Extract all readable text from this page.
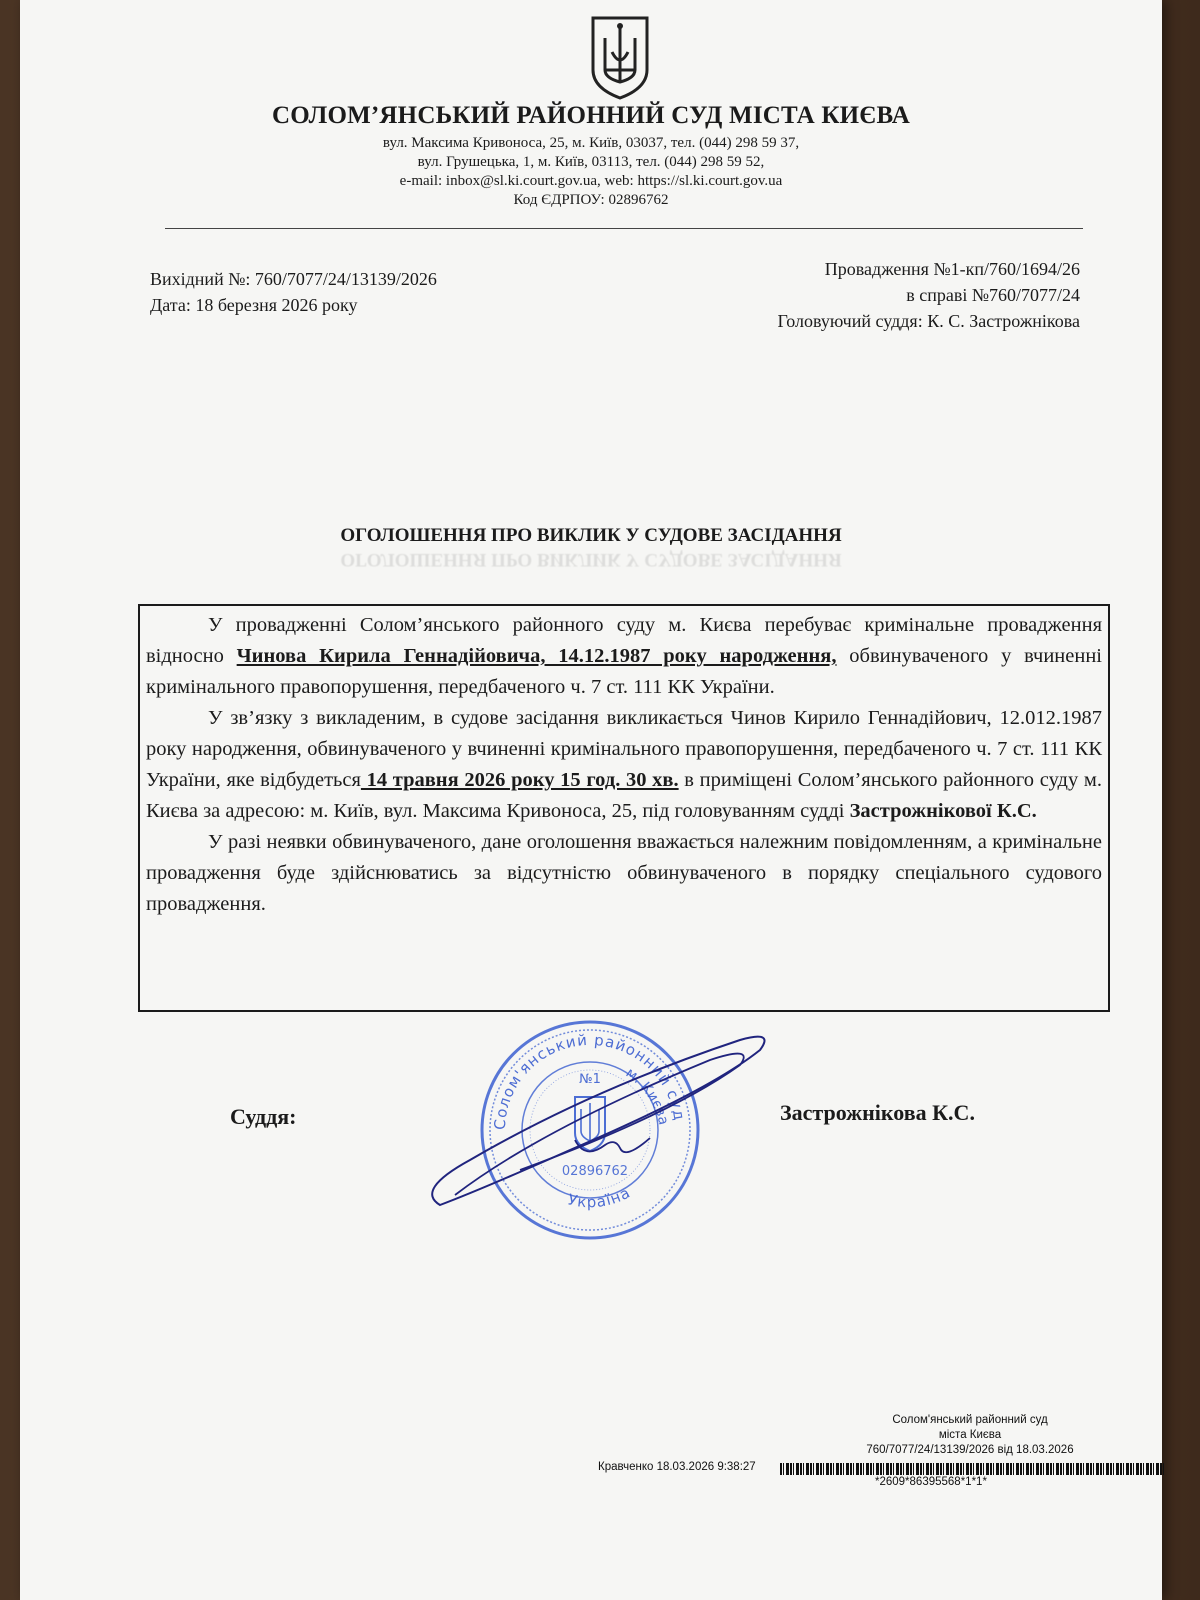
СОЛОМ’ЯНСЬКИЙ РАЙОННИЙ СУД МІСТА КИЄВА
вул. Максима Кривоноса, 25, м. Київ, 03037, тел. (044) 298 59 37,
вул. Грушецька, 1, м. Київ, 03113, тел. (044) 298 59 52,
e-mail: inbox@sl.ki.court.gov.ua, web: https://sl.ki.court.gov.ua
Код ЄДРПОУ: 02896762
Вихідний №: 760/7077/24/13139/2026
Дата: 18 березня 2026 року
Провадження №1-кп/760/1694/26
в справі №760/7077/24
Головуючий суддя: К. С. Застрожнікова
ОГОЛОШЕННЯ ПРО ВИКЛИК У СУДОВЕ ЗАСІДАННЯ
ОГОЛОШЕННЯ ПРО ВИКЛИК У СУДОВЕ ЗАСІДАННЯ

У провадженні Солом’янського районного суду м. Києва перебуває кримінальне провадження відносно Чинова Кирила Геннадійовича, 14.12.1987 року народження, обвинуваченого у вчиненні кримінального правопорушення, передбаченого ч. 7 ст. 111 КК України.

У зв’язку з викладеним, в судове засідання викликається Чинов Кирило Геннадійович, 12.012.1987 року народження, обвинуваченого у вчиненні кримінального правопорушення, передбаченого ч. 7 ст. 111 КК України, яке відбудеться 14 травня 2026 року 15 год. 30 хв. в приміщені Солом’янського районного суду м. Києва за адресою: м. Київ, вул. Максима Кривоноса, 25, під головуванням судді Застрожнікової К.С.

У разі неявки обвинуваченого, дане оголошення вважається належним повідомленням, а кримінальне провадження буде здійснюватись за відсутністю обвинуваченого в порядку спеціального судового провадження.

Суддя:	Застрожнікова К.С.
Солом'янський районний суд
м. Києва
Україна
№1
02896762
Солом'янський районний суд
міста Києва
760/7077/24/13139/2026 від 18.03.2026
Кравченко 18.03.2026 9:38:27
*2609*86395568*1*1*
